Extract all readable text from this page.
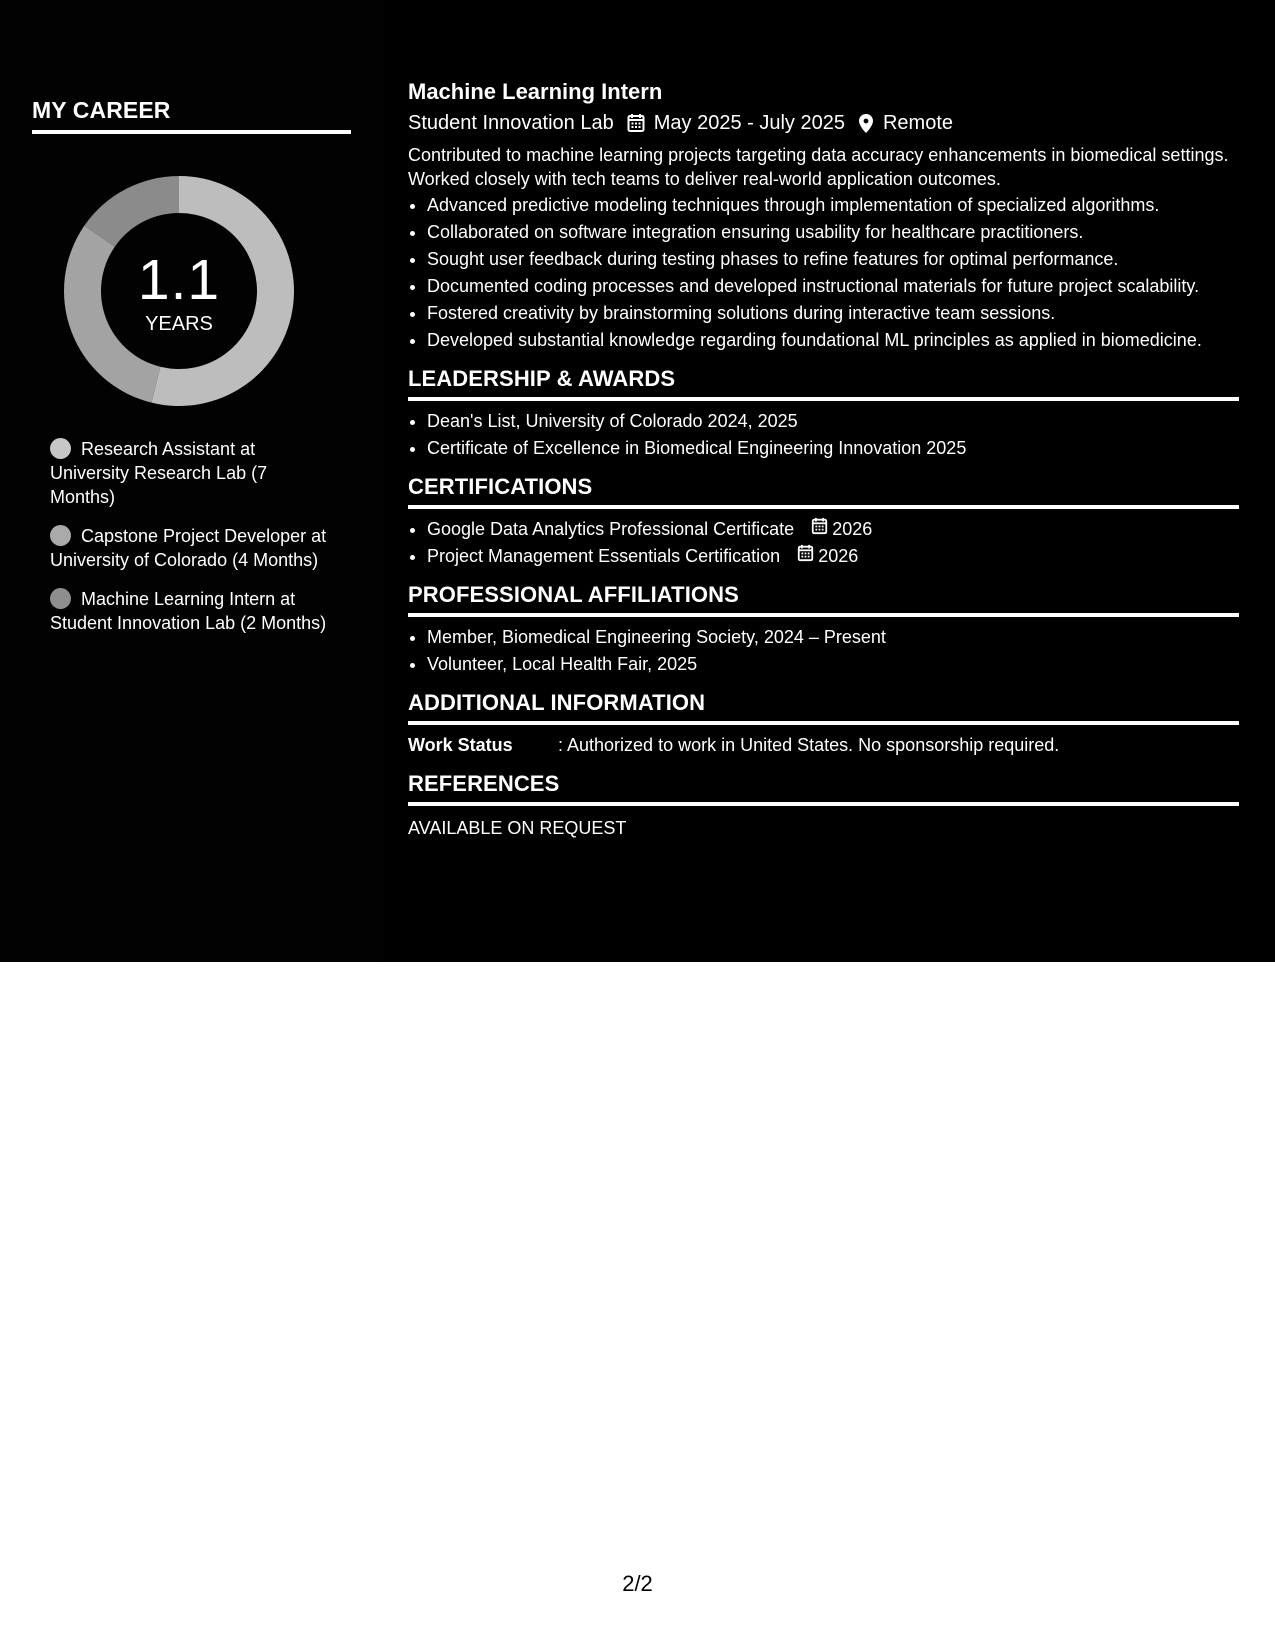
MY CAREER
1.1
YEARS
Research Assistant at University Research Lab (7 Months)
Capstone Project Developer at University of Colorado (4 Months)
Machine Learning Intern at Student Innovation Lab (2 Months)
Machine Learning Intern
Student Innovation Lab May 2025 - July 2025 Remote

Contributed to machine learning projects targeting data accuracy enhancements in biomedical settings. Worked closely with tech teams to deliver real-world application outcomes.

• Advanced predictive modeling techniques through implementation of specialized algorithms.
• Collaborated on software integration ensuring usability for healthcare practitioners.
• Sought user feedback during testing phases to refine features for optimal performance.
• Documented coding processes and developed instructional materials for future project scalability.
• Fostered creativity by brainstorming solutions during interactive team sessions.
• Developed substantial knowledge regarding foundational ML principles as applied in biomedicine.
LEADERSHIP & AWARDS
• Dean's List, University of Colorado 2024, 2025
• Certificate of Excellence in Biomedical Engineering Innovation 2025
CERTIFICATIONS
• Google Data Analytics Professional Certificate 2026
• Project Management Essentials Certification 2026
PROFESSIONAL AFFILIATIONS
• Member, Biomedical Engineering Society, 2024 – Present
• Volunteer, Local Health Fair, 2025
ADDITIONAL INFORMATION
Work Status	: Authorized to work in United States. No sponsorship required.
REFERENCES
AVAILABLE ON REQUEST
2/2
